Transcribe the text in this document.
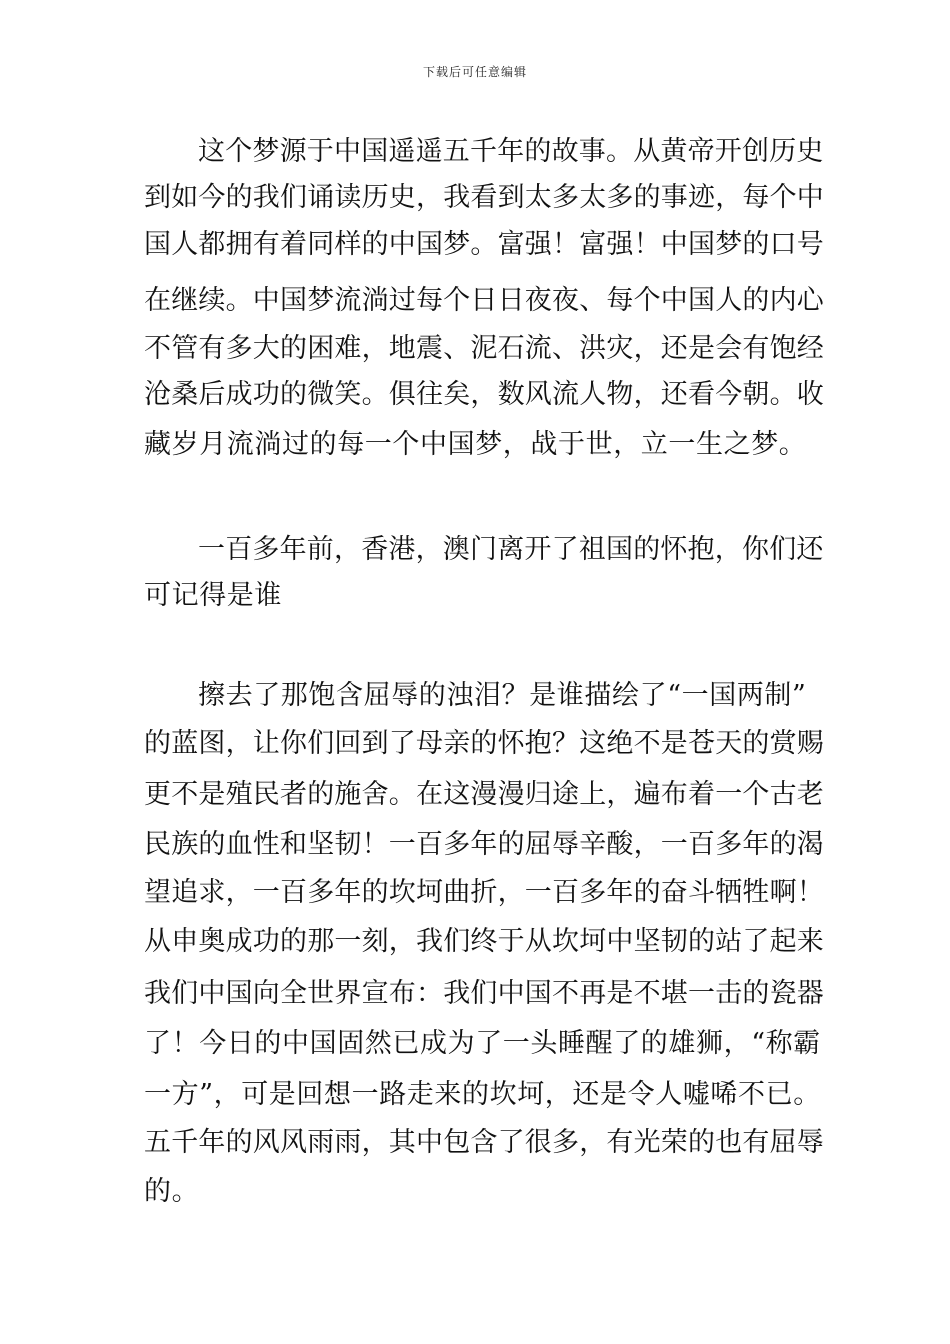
下载后可任意编辑
这个梦源于中国遥遥五千年的故事。从黄帝开创历史
到如今的我们诵读历史，我看到太多太多的事迹，每个中
国人都拥有着同样的中国梦。富强！富强！中国梦的口号
在继续。中国梦流淌过每个日日夜夜、每个中国人的内心
不管有多大的困难，地震、泥石流、洪灾，还是会有饱经
沧桑后成功的微笑。俱往矣，数风流人物，还看今朝。收
藏岁月流淌过的每一个中国梦，战于世，立一生之梦。
一百多年前，香港，澳门离开了祖国的怀抱，你们还
可记得是谁
擦去了那饱含屈辱的浊泪？是谁描绘了“一国两制”
的蓝图，让你们回到了母亲的怀抱？这绝不是苍天的赏赐
更不是殖民者的施舍。在这漫漫归途上，遍布着一个古老
民族的血性和坚韧！一百多年的屈辱辛酸，一百多年的渴
望追求，一百多年的坎坷曲折，一百多年的奋斗牺牲啊！
从申奥成功的那一刻，我们终于从坎坷中坚韧的站了起来
我们中国向全世界宣布：我们中国不再是不堪一击的瓷器
了！今日的中国固然已成为了一头睡醒了的雄狮，“称霸
一方”，可是回想一路走来的坎坷，还是令人嘘唏不已。
五千年的风风雨雨，其中包含了很多，有光荣的也有屈辱
的。
